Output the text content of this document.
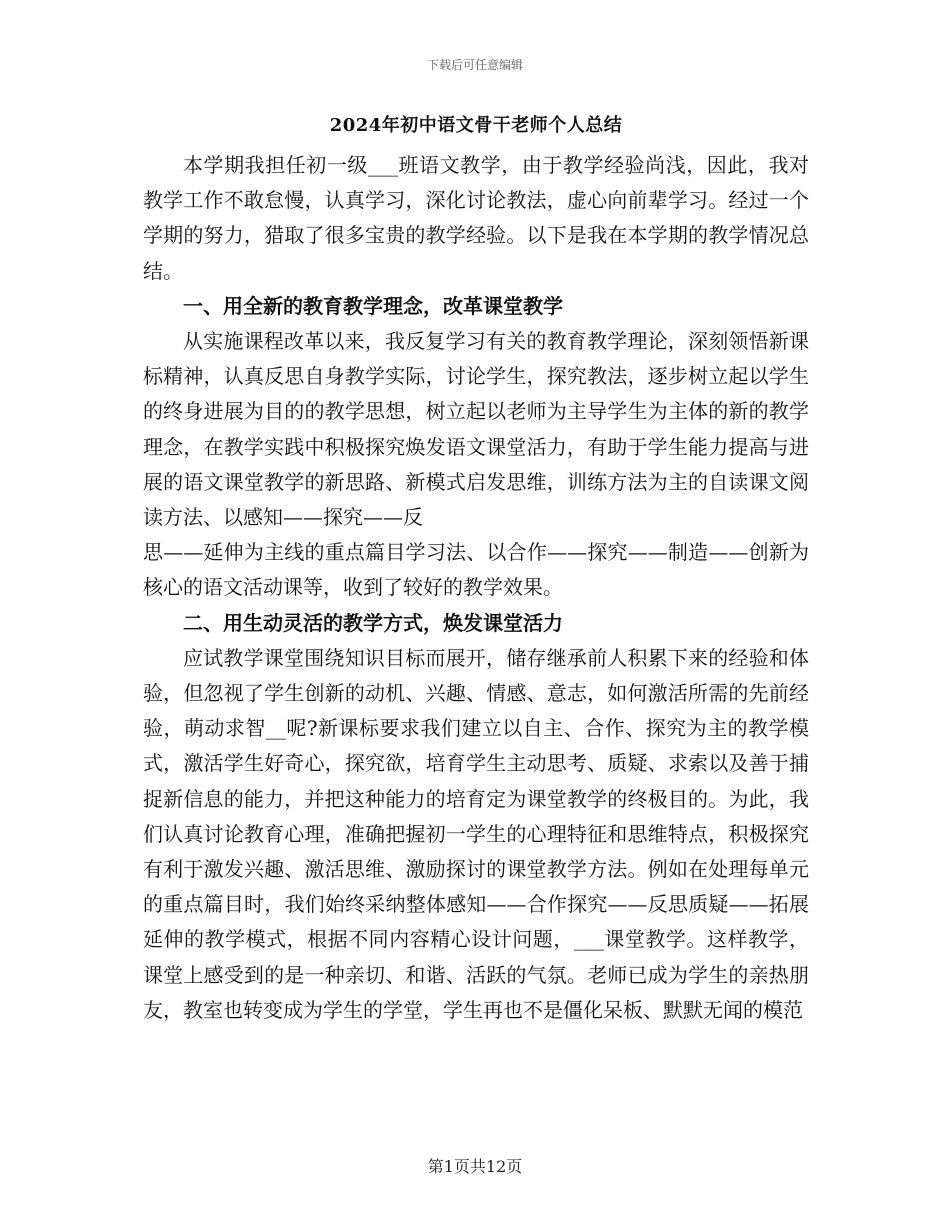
下载后可任意编辑
2024年初中语文骨干老师个人总结

本学期我担任初一级___班语文教学，由于教学经验尚浅，因此，我对教学工作不敢怠慢，认真学习，深化讨论教法，虚心向前辈学习。经过一个学期的努力，猎取了很多宝贵的教学经验。以下是我在本学期的教学情况总结。

一、用全新的教育教学理念，改革课堂教学

从实施课程改革以来，我反复学习有关的教育教学理论，深刻领悟新课标精神，认真反思自身教学实际，讨论学生，探究教法，逐步树立起以学生的终身进展为目的的教学思想，树立起以老师为主导学生为主体的新的教学理念，在教学实践中积极探究焕发语文课堂活力，有助于学生能力提高与进展的语文课堂教学的新思路、新模式启发思维，训练方法为主的自读课文阅读方法、以感知——探究——反

思——延伸为主线的重点篇目学习法、以合作——探究——制造——创新为核心的语文活动课等，收到了较好的教学效果。

二、用生动灵活的教学方式，焕发课堂活力

应试教学课堂围绕知识目标而展开，储存继承前人积累下来的经验和体验，但忽视了学生创新的动机、兴趣、情感、意志，如何激活所需的先前经验，萌动求智__呢?新课标要求我们建立以自主、合作、探究为主的教学模式，激活学生好奇心，探究欲，培育学生主动思考、质疑、求索以及善于捕捉新信息的能力，并把这种能力的培育定为课堂教学的终极目的。为此，我们认真讨论教育心理，准确把握初一学生的心理特征和思维特点，积极探究有利于激发兴趣、激活思维、激励探讨的课堂教学方法。例如在处理每单元的重点篇目时，我们始终采纳整体感知——合作探究——反思质疑——拓展延伸的教学模式，根据不同内容精心设计问题，___课堂教学。这样教学，课堂上感受到的是一种亲切、和谐、活跃的气氛。老师已成为学生的亲热朋友，教室也转变成为学生的学堂，学生再也不是僵化呆板、默默无闻的模范

第1页共12页
